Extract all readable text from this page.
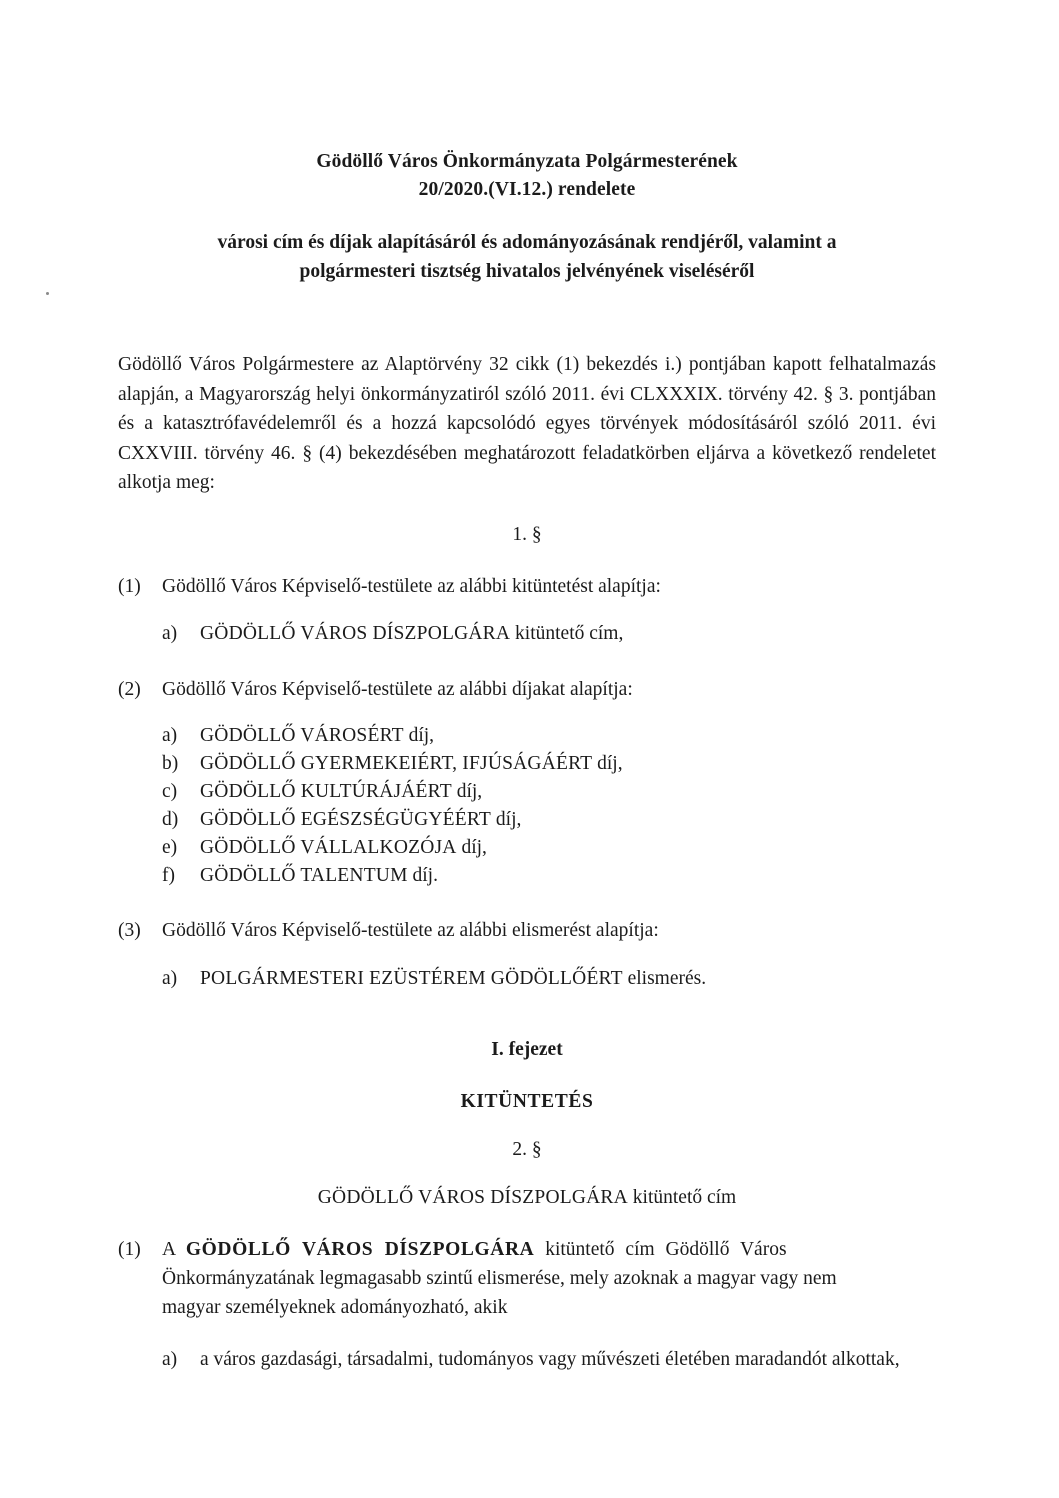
Gödöllő Város Önkormányzata Polgármesterének
20/2020.(VI.12.) rendelete
városi cím és díjak alapításáról és adományozásának rendjéről, valamint a
polgármesteri tisztség hivatalos jelvényének viseléséről
Gödöllő Város Polgármestere az Alaptörvény 32 cikk (1) bekezdés i.) pontjában kapott felhatalmazás alapján, a Magyarország helyi önkormányzatiról szóló 2011. évi CLXXXIX. törvény 42. § 3. pontjában és a katasztrófavédelemről és a hozzá kapcsolódó egyes törvények módosításáról szóló 2011. évi CXXVIII. törvény 46. § (4) bekezdésében meghatározott feladatkörben eljárva a következő rendeletet alkotja meg:
1. §
(1) Gödöllő Város Képviselő-testülete az alábbi kitüntetést alapítja:
a) GÖDÖLLŐ VÁROS DÍSZPOLGÁRA kitüntető cím,
(2) Gödöllő Város Képviselő-testülete az alábbi díjakat alapítja:
a) GÖDÖLLŐ VÁROSÉRT díj,
b) GÖDÖLLŐ GYERMEKEIÉRT, IFJÚSÁGÁÉRT díj,
c) GÖDÖLLŐ KULTÚRÁJÁÉRT díj,
d) GÖDÖLLŐ EGÉSZSÉGÜGYÉÉRT díj,
e) GÖDÖLLŐ VÁLLALKOZÓJA díj,
f) GÖDÖLLŐ TALENTUM díj.
(3) Gödöllő Város Képviselő-testülete az alábbi elismerést alapítja:
a) POLGÁRMESTERI EZÜSTÉREM GÖDÖLLŐÉRT elismerés.
I. fejezet
KITÜNTETÉS
2. §
GÖDÖLLŐ VÁROS DÍSZPOLGÁRA kitüntető cím
(1) A GÖDÖLLŐ VÁROS DÍSZPOLGÁRA kitüntető cím Gödöllő Város
Önkormányzatának legmagasabb szintű elismerése, mely azoknak a magyar vagy nem
magyar személyeknek adományozható, akik
a) a város gazdasági, társadalmi, tudományos vagy művészeti életében maradandót alkottak,
